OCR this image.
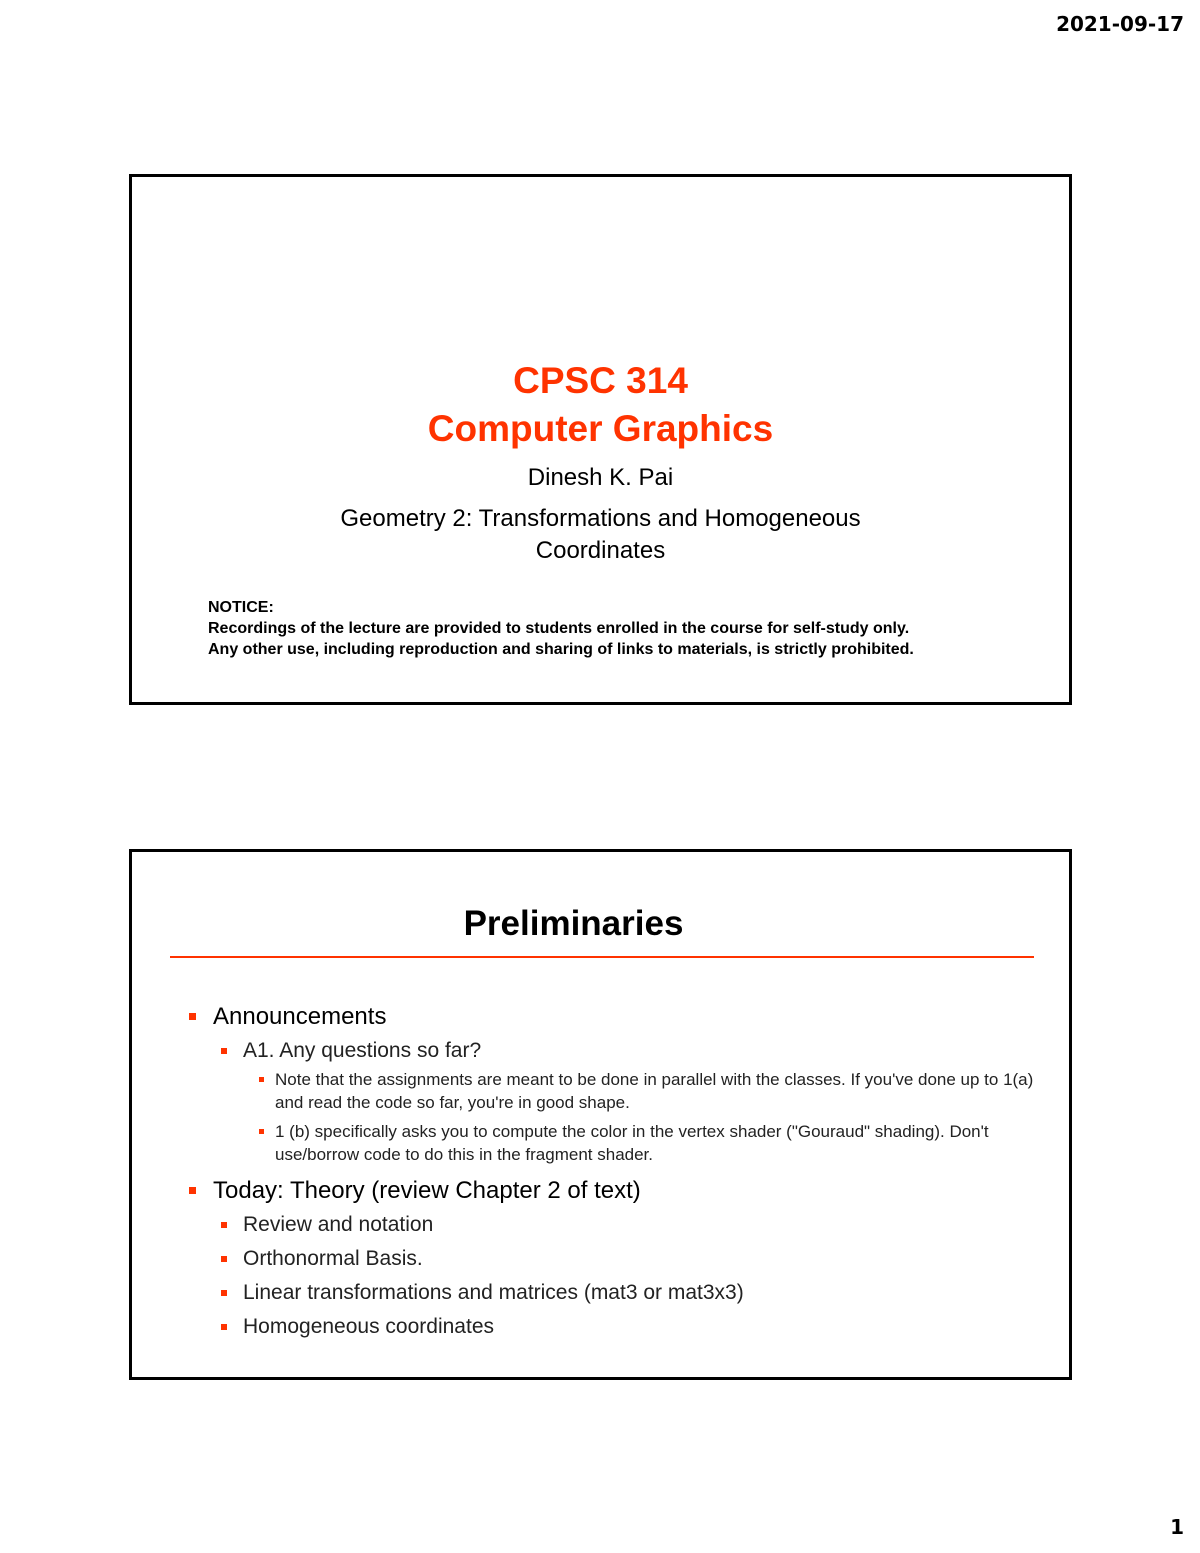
2021-09-17
CPSC 314
Computer Graphics
Dinesh K. Pai
Geometry 2: Transformations and Homogeneous Coordinates
NOTICE:
Recordings of the lecture are provided to students enrolled in the course for self-study only.
Any other use, including reproduction and sharing of links to materials, is strictly prohibited.
Preliminaries
Announcements
A1. Any questions so far?
Note that the assignments are meant to be done in parallel with the classes. If you've done up to 1(a) and read the code so far, you're in good shape.
1 (b) specifically asks you to compute the color in the vertex shader ("Gouraud" shading). Don't use/borrow code to do this in the fragment shader.
Today: Theory (review Chapter 2 of text)
Review and notation
Orthonormal Basis.
Linear transformations and matrices (mat3 or mat3x3)
Homogeneous coordinates
1
